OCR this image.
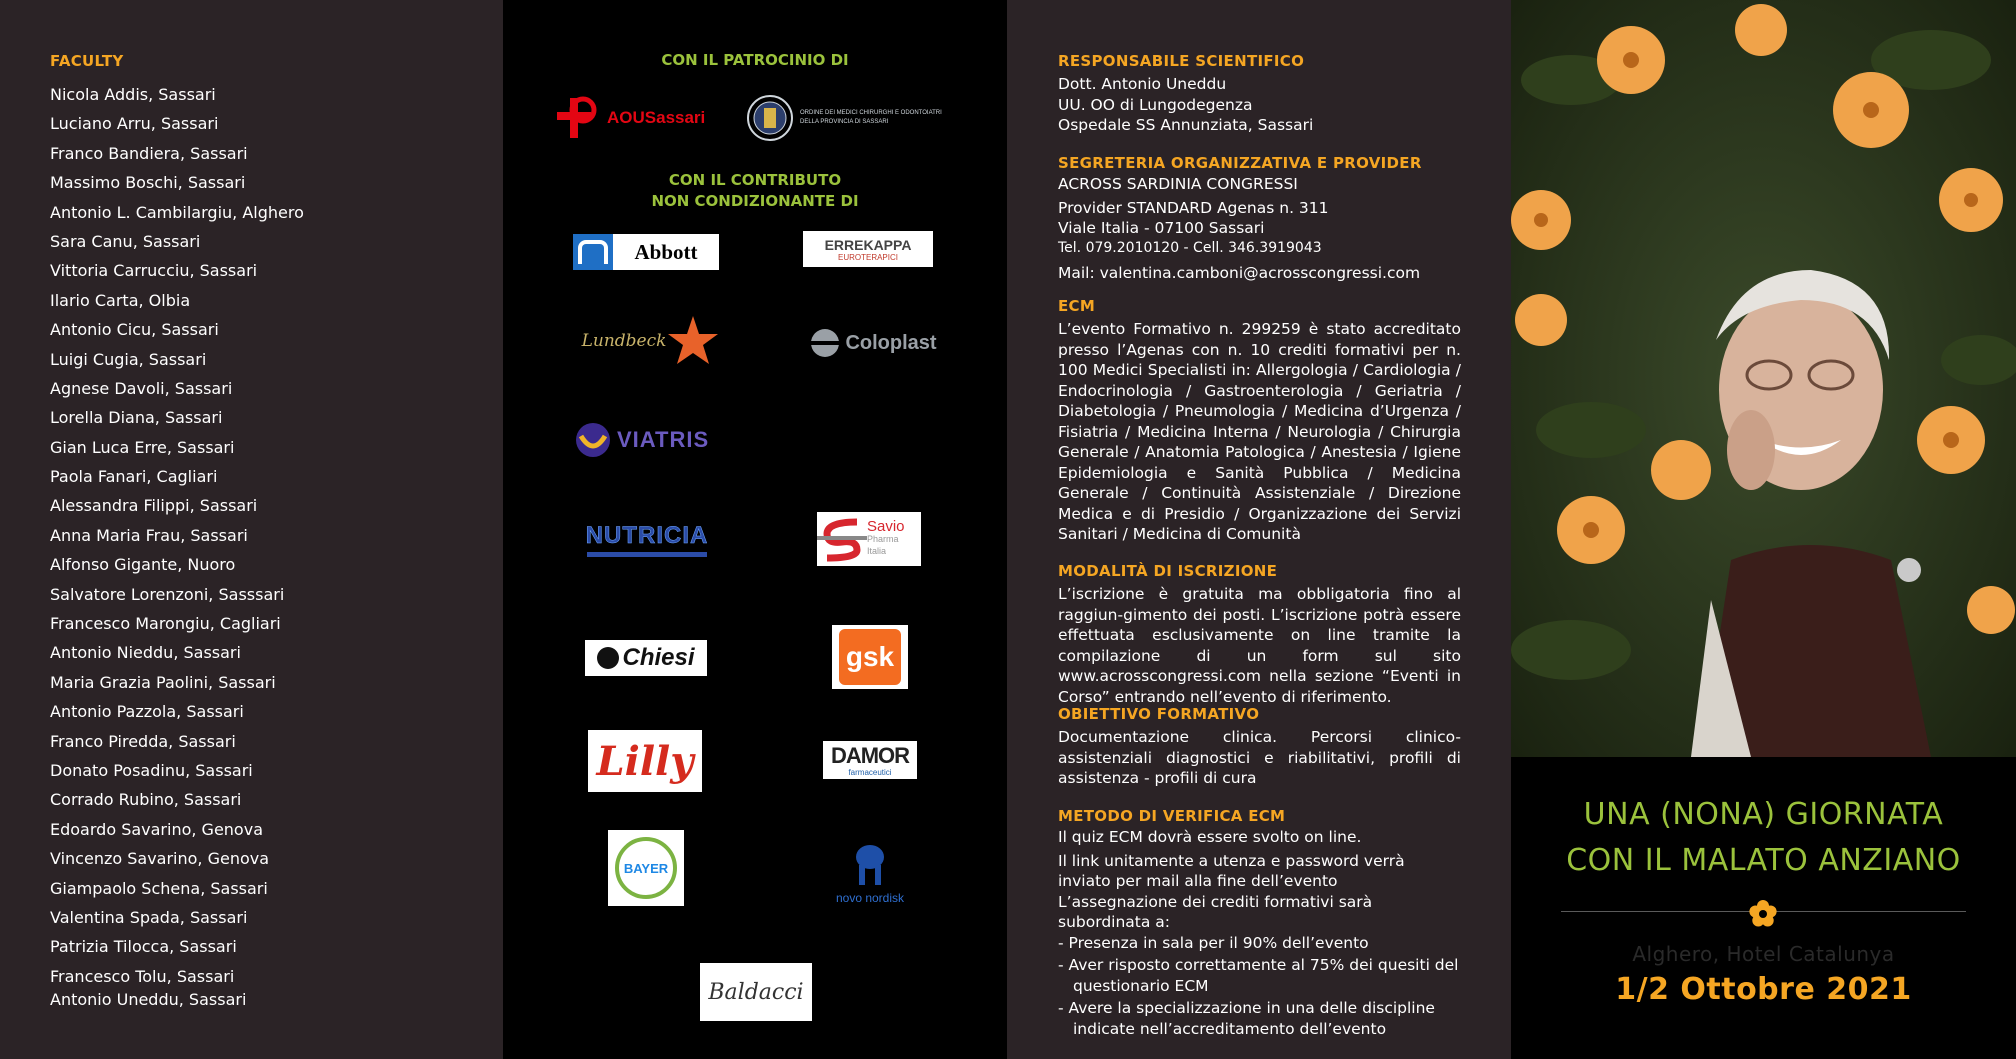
FACULTY
Nicola Addis, Sassari
Luciano Arru, Sassari
Franco Bandiera, Sassari
Massimo Boschi, Sassari
Antonio L. Cambilargiu, Alghero
Sara Canu, Sassari
Vittoria Carrucciu, Sassari
Ilario Carta, Olbia
Antonio Cicu, Sassari
Luigi Cugia, Sassari
Agnese Davoli, Sassari
Lorella Diana, Sassari
Gian Luca Erre, Sassari
Paola Fanari, Cagliari
Alessandra Filippi, Sassari
Anna Maria Frau, Sassari
Alfonso Gigante, Nuoro
Salvatore Lorenzoni, Sasssari
Francesco Marongiu, Cagliari
Antonio Nieddu, Sassari
Maria Grazia Paolini, Sassari
Antonio Pazzola, Sassari
Franco Piredda, Sassari
Donato Posadinu, Sassari
Corrado Rubino, Sassari
Edoardo Savarino, Genova
Vincenzo Savarino, Genova
Giampaolo Schena, Sassari
Valentina Spada, Sassari
Patrizia Tilocca, Sassari
Francesco Tolu, Sassari
Antonio Uneddu, Sassari
CON IL PATROCINIO DI
AOUSassari	ORDINE DEI MEDICI CHIRURGHI E ODONTOIATRI DELLA PROVINCIA DI SASSARI
CON IL CONTRIBUTO
NON CONDIZIONANTE DI
Abbott	ERREKAPPA
EUROTERAPICI
Lundbeck	Coloplast
VIATRIS
NUTRICIA	Savio
Pharma Italia
Chiesi	gsk
Lilly	DAMOR
farmaceutici
BAYER
novo nordisk
Baldacci
RESPONSABILE SCIENTIFICO
Dott. Antonio Uneddu
UU. OO di Lungodegenza
Ospedale SS Annunziata, Sassari
SEGRETERIA ORGANIZZATIVA E PROVIDER
ACROSS SARDINIA CONGRESSI
Provider STANDARD Agenas n. 311
Viale Italia - 07100 Sassari
Tel. 079.2010120 - Cell. 346.3919043
Mail: valentina.camboni@acrosscongressi.com
ECM
L’evento Formativo n. 299259 è stato accreditato presso l’Agenas con n. 10 crediti formativi per n. 100 Medici Specialisti in: Allergologia / Cardiologia / Endocrinologia / Gastroenterologia / Geriatria / Diabetologia / Pneumologia / Medicina d’Urgenza / Fisiatria / Medicina Interna / Neurologia / Chirurgia Generale / Anatomia Patologica / Anestesia / Igiene Epidemiologia e Sanità Pubblica / Medicina Generale / Continuità Assistenziale / Direzione Medica e di Presidio / Organizzazione dei Servizi Sanitari / Medicina di Comunità
MODALITÀ DI ISCRIZIONE
L’iscrizione è gratuita ma obbligatoria fino al raggiun-gimento dei posti. L’iscrizione potrà essere effettuata esclusivamente on line tramite la compilazione di un form sul sito www.acrosscongressi.com nella sezione “Eventi in Corso” entrando nell’evento di riferimento.
OBIETTIVO FORMATIVO
Documentazione clinica. Percorsi clinico-assistenziali diagnostici e riabilitativi, profili di assistenza - profili di cura
METODO DI VERIFICA ECM
Il quiz ECM dovrà essere svolto on line.
Il link unitamente a utenza e password verrà inviato per mail alla fine dell’evento
L’assegnazione dei crediti formativi sarà subordinata a:
- Presenza in sala per il 90% dell’evento
- Aver risposto correttamente al 75% dei quesiti del questionario ECM
- Avere la specializzazione in una delle discipline indicate nell’accreditamento dell’evento
UNA (NONA) GIORNATA
CON IL MALATO ANZIANO
Alghero, Hotel Catalunya
1/2 Ottobre 2021
